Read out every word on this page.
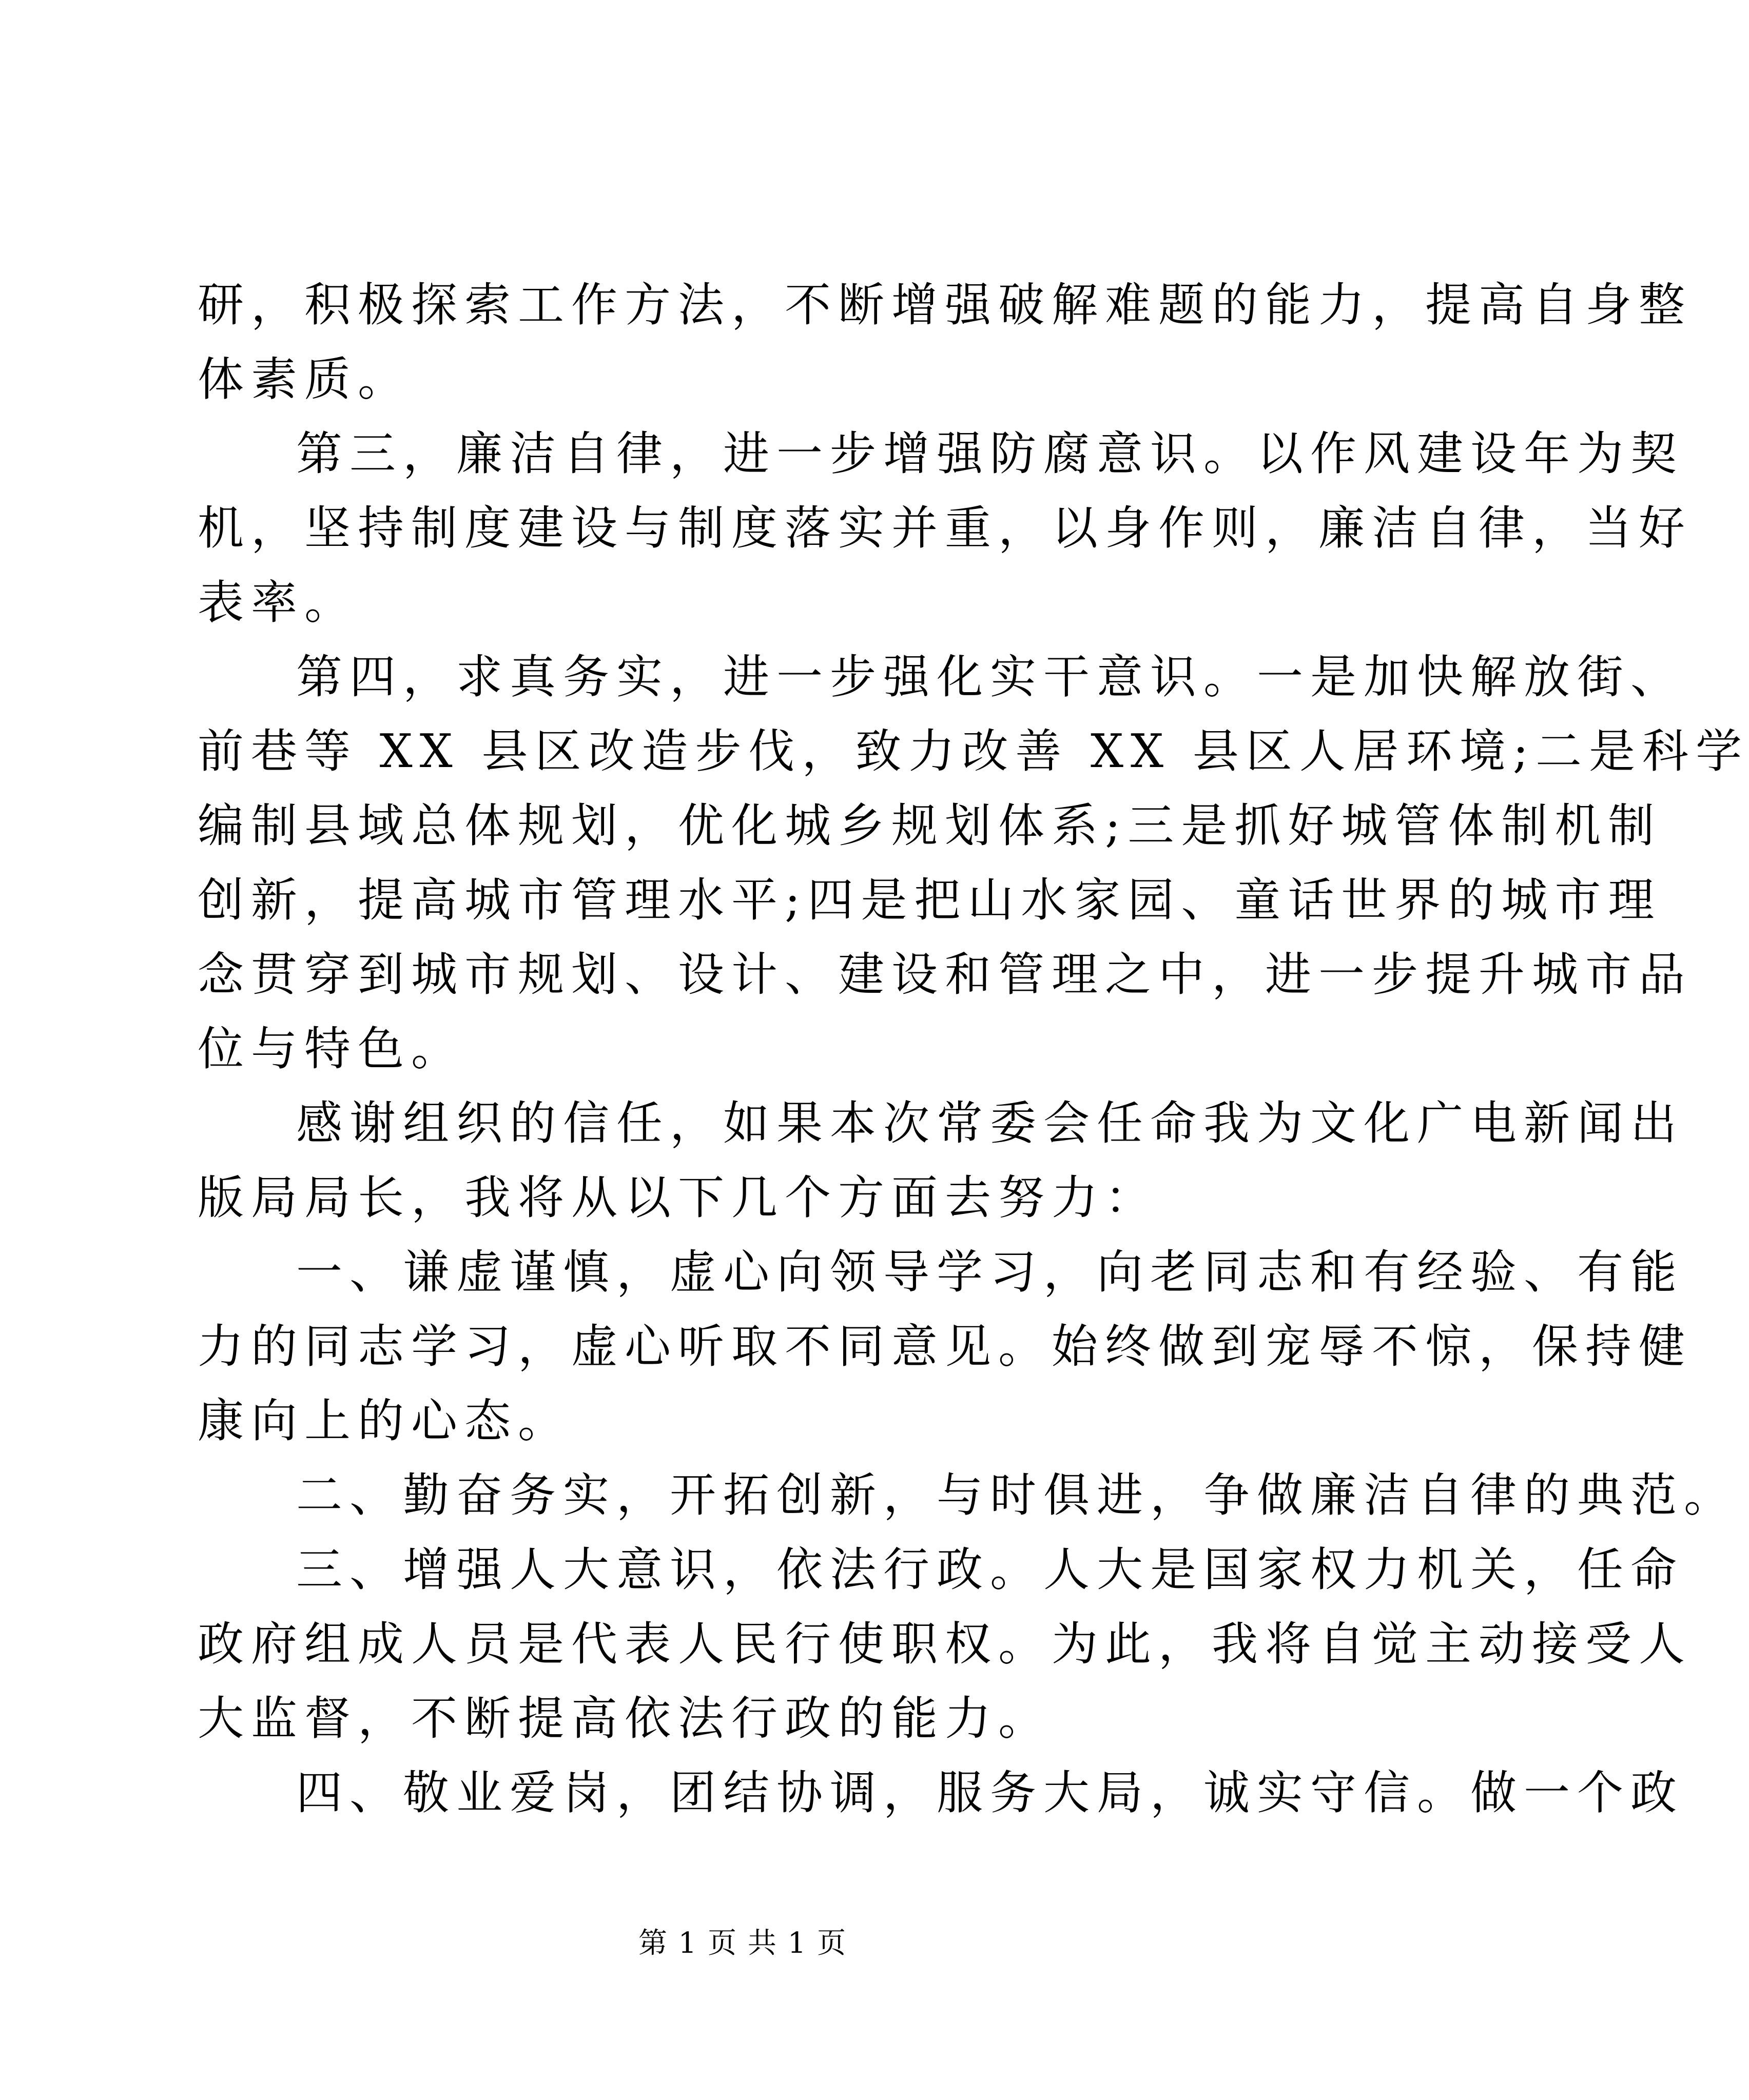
研，积极探索工作方法，不断增强破解难题的能力，提高自身整
体素质。

第三，廉洁自律，进一步增强防腐意识。以作风建设年为契
机，坚持制度建设与制度落实并重，以身作则，廉洁自律，当好
表率。

第四，求真务实，进一步强化实干意识。一是加快解放街、
前巷等 XX 县区改造步伐，致力改善 XX 县区人居环境;二是科学
编制县域总体规划，优化城乡规划体系;三是抓好城管体制机制
创新，提高城市管理水平;四是把山水家园、童话世界的城市理
念贯穿到城市规划、设计、建设和管理之中，进一步提升城市品
位与特色。

感谢组织的信任，如果本次常委会任命我为文化广电新闻出
版局局长，我将从以下几个方面去努力：

一、谦虚谨慎，虚心向领导学习，向老同志和有经验、有能
力的同志学习，虚心听取不同意见。始终做到宠辱不惊，保持健
康向上的心态。

二、勤奋务实，开拓创新，与时俱进，争做廉洁自律的典范。

三、增强人大意识，依法行政。人大是国家权力机关，任命
政府组成人员是代表人民行使职权。为此，我将自觉主动接受人
大监督，不断提高依法行政的能力。

四、敬业爱岗，团结协调，服务大局，诚实守信。做一个政

第 1 页 共 1 页
